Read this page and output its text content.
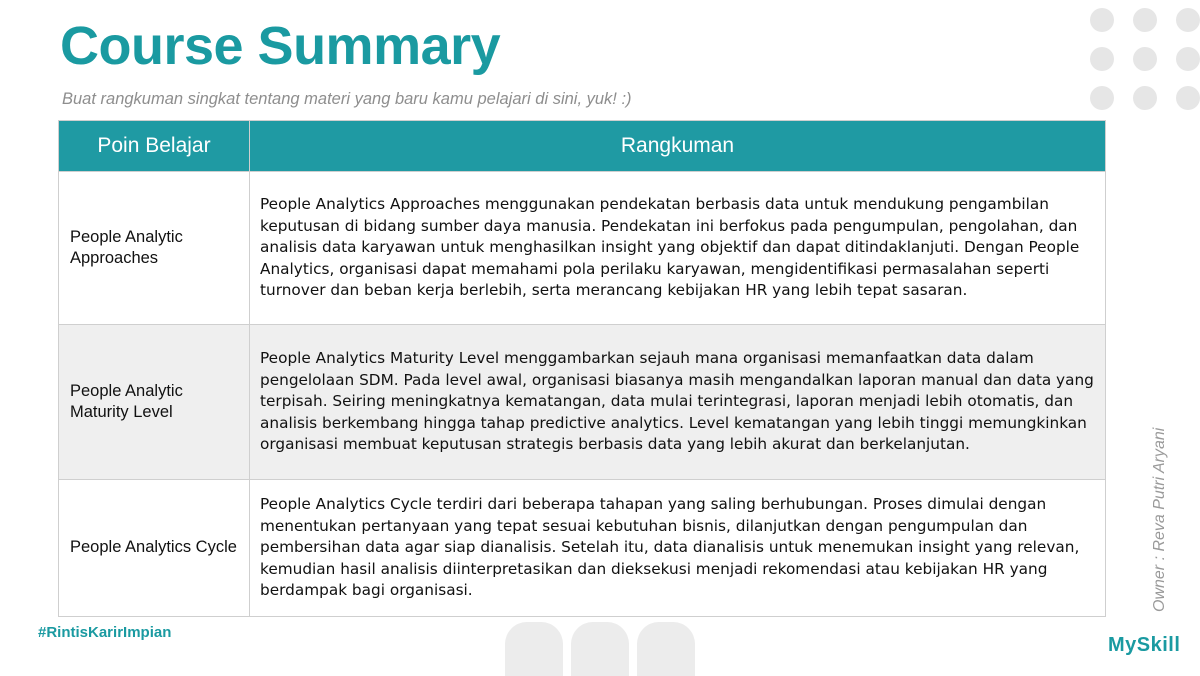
Course Summary
Buat rangkuman singkat tentang materi yang baru kamu pelajari di sini, yuk! :)
Poin Belajar	Rangkuman
People Analytic Approaches	People Analytics Approaches menggunakan pendekatan berbasis data untuk mendukung pengambilan keputusan di bidang sumber daya manusia. Pendekatan ini berfokus pada pengumpulan, pengolahan, dan analisis data karyawan untuk menghasilkan insight yang objektif dan dapat ditindaklanjuti. Dengan People Analytics, organisasi dapat memahami pola perilaku karyawan, mengidentifikasi permasalahan seperti turnover dan beban kerja berlebih, serta merancang kebijakan HR yang lebih tepat sasaran.
People Analytic Maturity Level	People Analytics Maturity Level menggambarkan sejauh mana organisasi memanfaatkan data dalam pengelolaan SDM. Pada level awal, organisasi biasanya masih mengandalkan laporan manual dan data yang terpisah. Seiring meningkatnya kematangan, data mulai terintegrasi, laporan menjadi lebih otomatis, dan analisis berkembang hingga tahap predictive analytics. Level kematangan yang lebih tinggi memungkinkan organisasi membuat keputusan strategis berbasis data yang lebih akurat dan berkelanjutan.
People Analytics Cycle	People Analytics Cycle terdiri dari beberapa tahapan yang saling berhubungan. Proses dimulai dengan menentukan pertanyaan yang tepat sesuai kebutuhan bisnis, dilanjutkan dengan pengumpulan dan pembersihan data agar siap dianalisis. Setelah itu, data dianalisis untuk menemukan insight yang relevan, kemudian hasil analisis diinterpretasikan dan dieksekusi menjadi rekomendasi atau kebijakan HR yang berdampak bagi organisasi.
#RintisKarirImpian
Owner : Reva Putri Aryani
MySkill
